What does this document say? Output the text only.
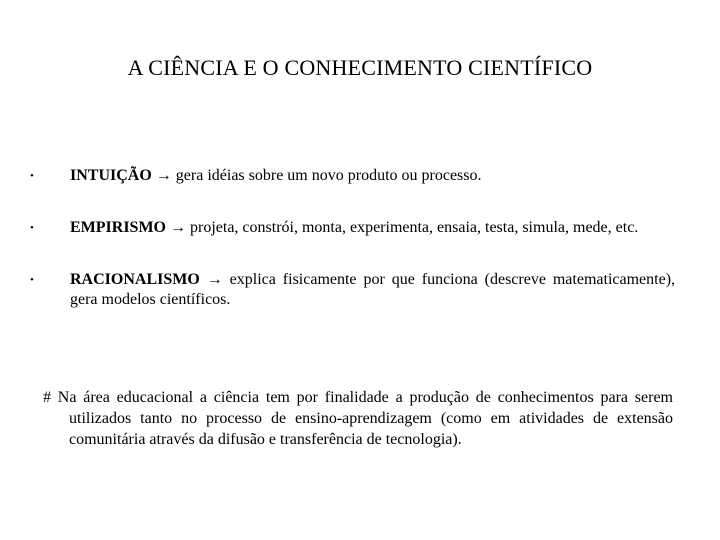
A CIÊNCIA E O CONHECIMENTO CIENTÍFICO
• INTUIÇÃO → gera idéias sobre um novo produto ou processo.
• EMPIRISMO → projeta, constrói, monta, experimenta, ensaia, testa, simula, mede, etc.
• RACIONALISMO → explica fisicamente por que funciona (descreve matematicamente), gera modelos científicos.
# Na área educacional a ciência tem por finalidade a produção de conhecimentos para serem utilizados tanto no processo de ensino-aprendizagem (como em atividades de extensão comunitária através da difusão e transferência de tecnologia).
